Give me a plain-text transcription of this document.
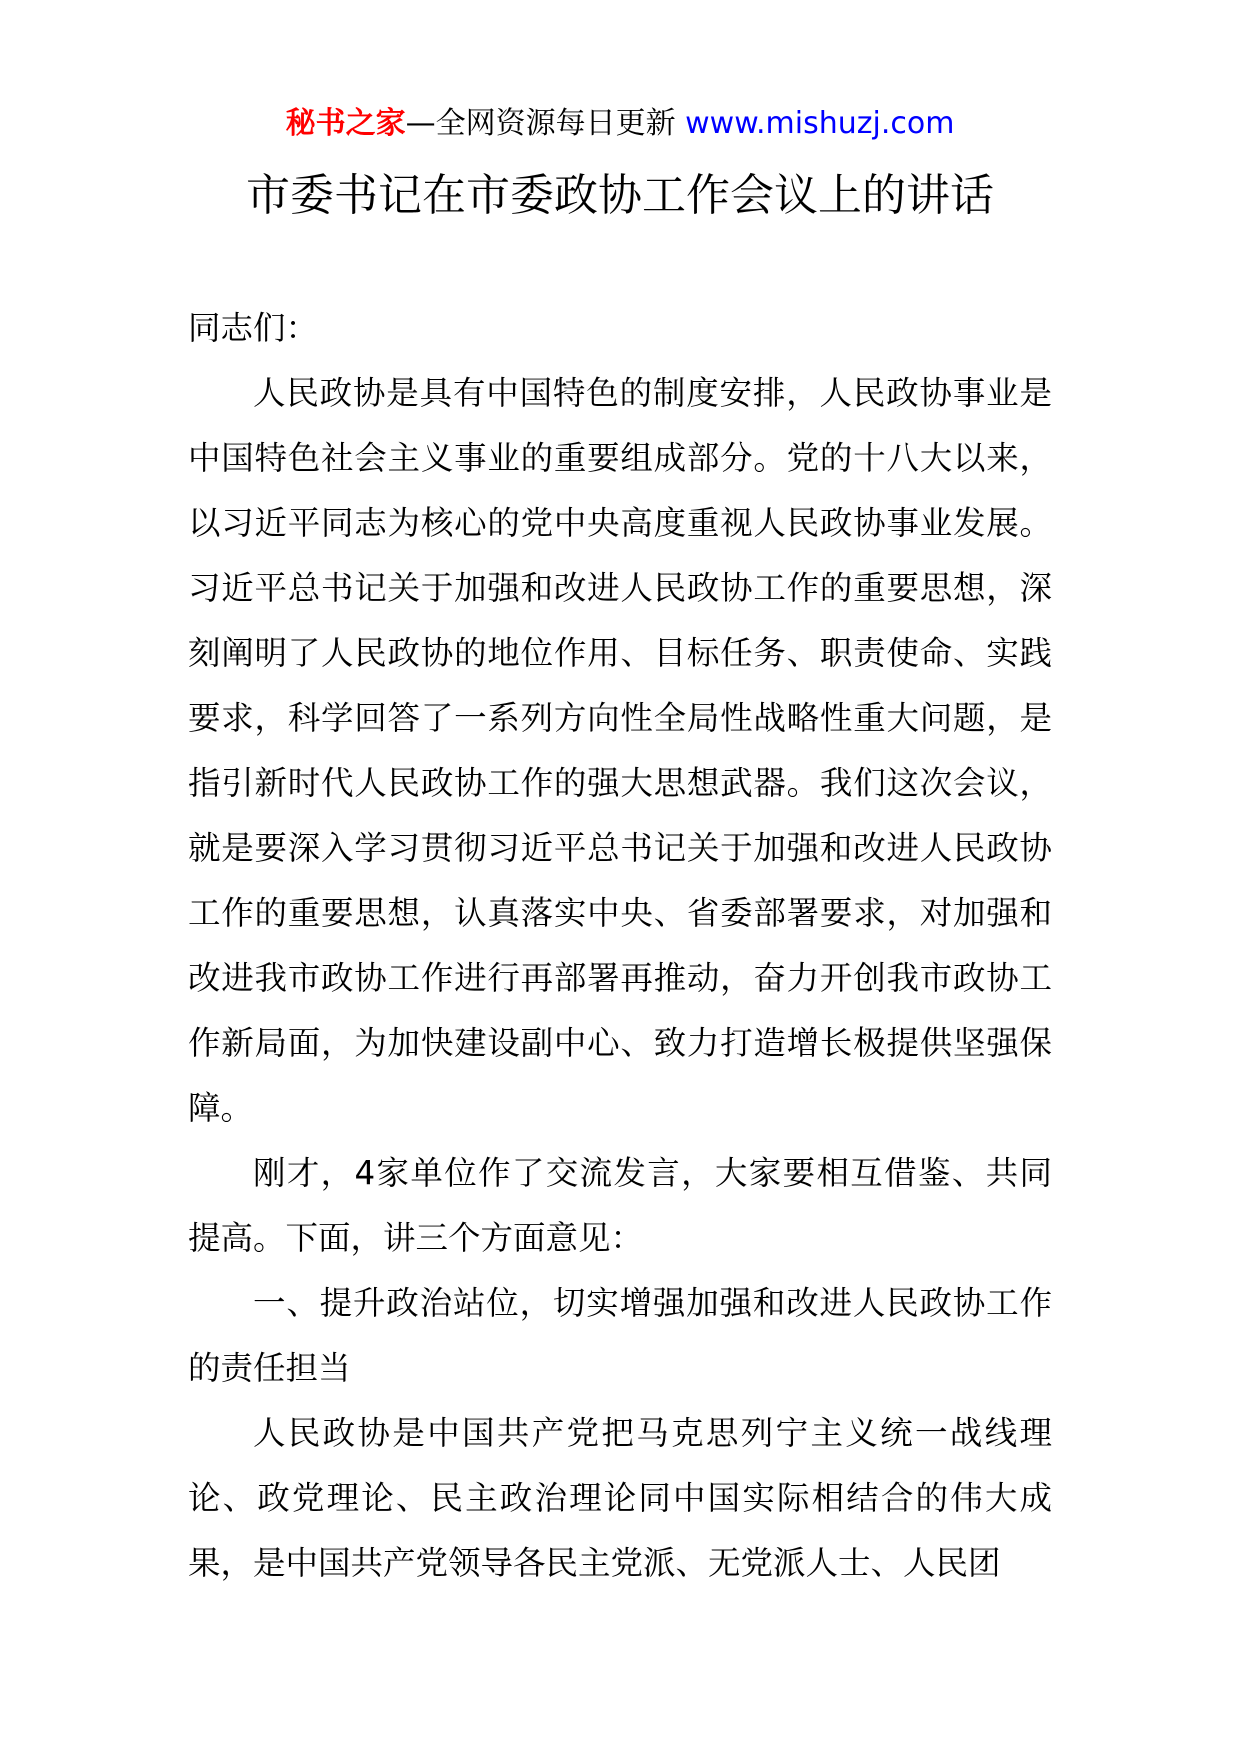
秘书之家—全网资源每日更新 www.mishuzj.com
市委书记在市委政协工作会议上的讲话

同志们：

人民政协是具有中国特色的制度安排，人民政协事业是中国特色社会主义事业的重要组成部分。党的十八大以来，以习近平同志为核心的党中央高度重视人民政协事业发展。习近平总书记关于加强和改进人民政协工作的重要思想，深刻阐明了人民政协的地位作用、目标任务、职责使命、实践要求，科学回答了一系列方向性全局性战略性重大问题，是指引新时代人民政协工作的强大思想武器。我们这次会议，就是要深入学习贯彻习近平总书记关于加强和改进人民政协工作的重要思想，认真落实中央、省委部署要求，对加强和改进我市政协工作进行再部署再推动，奋力开创我市政协工作新局面，为加快建设副中心、致力打造增长极提供坚强保障。

刚才，4家单位作了交流发言，大家要相互借鉴、共同提高。下面，讲三个方面意见：

一、提升政治站位，切实增强加强和改进人民政协工作的责任担当

人民政协是中国共产党把马克思列宁主义统一战线理论、政党理论、民主政治理论同中国实际相结合的伟大成果，是中国共产党领导各民主党派、无党派人士、人民团
